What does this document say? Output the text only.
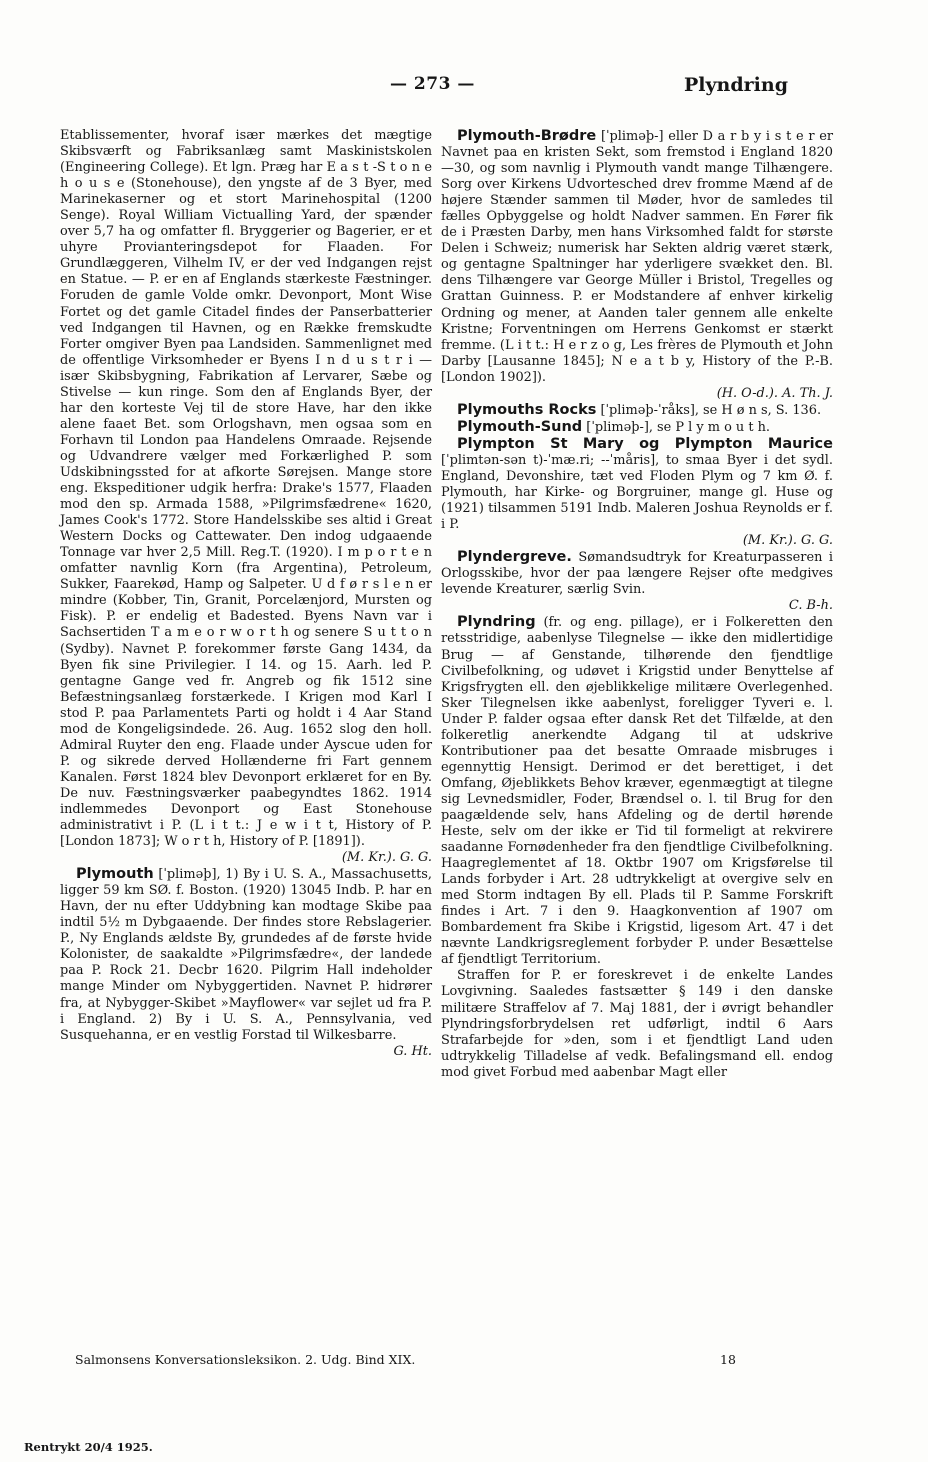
— 273 —	Plyndring

Etablissementer, hvoraf især mærkes det mægtige Skibsværft og Fabriksanlæg samt Maskinistskolen (Engineering College). Et lgn. Præg har E a s t -S t o n e h o u s e (Stonehouse), den yngste af de 3 Byer, med Marinekaserner og et stort Marinehospital (1200 Senge). Royal William Victualling Yard, der spænder over 5,7 ha og omfatter fl. Bryggerier og Bagerier, er et uhyre Provianteringsdepot for Flaaden. For Grundlæggeren, Vilhelm IV, er der ved Indgangen rejst en Statue. — P. er en af Englands stærkeste Fæstninger. Foruden de gamle Volde omkr. Devonport, Mont Wise Fortet og det gamle Citadel findes der Panserbatterier ved Indgangen til Havnen, og en Række fremskudte Forter omgiver Byen paa Landsiden. Sammenlignet med de offentlige Virksomheder er Byens I n d u s t r i — især Skibsbygning, Fabrikation af Lervarer, Sæbe og Stivelse — kun ringe. Som den af Englands Byer, der har den korteste Vej til de store Have, har den ikke alene faaet Bet. som Orlogshavn, men ogsaa som en Forhavn til London paa Handelens Omraade. Rejsende og Udvandrere vælger med Forkærlighed P. som Udskibningssted for at afkorte Sørejsen. Mange store eng. Ekspeditioner udgik herfra: Drake's 1577, Flaaden mod den sp. Armada 1588, »Pilgrimsfædrene« 1620, James Cook's 1772. Store Handelsskibe ses altid i Great Western Docks og Cattewater. Den indog udgaaende Tonnage var hver 2,5 Mill. Reg.T. (1920). I m p o r t e n omfatter navnlig Korn (fra Argentina), Petroleum, Sukker, Faarekød, Hamp og Salpeter. U d f ø r s l e n er mindre (Kobber, Tin, Granit, Porcelænjord, Mursten og Fisk). P. er endelig et Badested. Byens Navn var i Sachsertiden T a m e o r w o r t h og senere S u t t o n (Sydby). Navnet P. forekommer første Gang 1434, da Byen fik sine Privilegier. I 14. og 15. Aarh. led P. gentagne Gange ved fr. Angreb og fik 1512 sine Befæstningsanlæg forstærkede. I Krigen mod Karl I stod P. paa Parlamentets Parti og holdt i 4 Aar Stand mod de Kongeligsindede. 26. Aug. 1652 slog den holl. Admiral Ruyter den eng. Flaade under Ayscue uden for P. og sikrede derved Hollænderne fri Fart gennem Kanalen. Først 1824 blev Devonport erklæret for en By. De nuv. Fæstningsværker paabegyndtes 1862. 1914 indlemmedes Devonport og East Stonehouse administrativt i P. (L i t t.: J e w i t t, History of P. [London 1873]; W o r t h, History of P. [1891]).

(M. Kr.). G. G.

Plymouth [ˈplimǝþ], 1) By i U. S. A., Massachusetts, ligger 59 km SØ. f. Boston. (1920) 13045 Indb. P. har en Havn, der nu efter Uddybning kan modtage Skibe paa indtil 5½ m Dybgaaende. Der findes store Rebslagerier. P., Ny Englands ældste By, grundedes af de første hvide Kolonister, de saakaldte »Pilgrimsfædre«, der landede paa P. Rock 21. Decbr 1620. Pilgrim Hall indeholder mange Minder om Nybyggertiden. Navnet P. hidrører fra, at Nybygger-Skibet »Mayflower« var sejlet ud fra P. i England. 2) By i U. S. A., Pennsylvania, ved Susquehanna, er en vestlig Forstad til Wilkesbarre.

G. Ht.

Plymouth-Brødre [ˈplimǝþ-] eller D a r b y i s t e r er Navnet paa en kristen Sekt, som fremstod i England 1820—30, og som navnlig i Plymouth vandt mange Tilhængere. Sorg over Kirkens Udvortesched drev fromme Mænd af de højere Stænder sammen til Møder, hvor de samledes til fælles Opbyggelse og holdt Nadver sammen. En Fører fik de i Præsten Darby, men hans Virksomhed faldt for største Delen i Schweiz; numerisk har Sekten aldrig været stærk, og gentagne Spaltninger har yderligere svækket den. Bl. dens Tilhængere var George Müller i Bristol, Tregelles og Grattan Guinness. P. er Modstandere af enhver kirkelig Ordning og mener, at Aanden taler gennem alle enkelte Kristne; Forventningen om Herrens Genkomst er stærkt fremme. (L i t t.: H e r z o g, Les frères de Plymouth et John Darby [Lausanne 1845]; N e a t b y, History of the P.-B. [London 1902]).

(H. O-d.). A. Th. J.

Plymouths Rocks [ˈplimǝþ-ˈråks], se H ø n s, S. 136.

Plymouth-Sund [ˈplimǝþ-], se P l y m o u t h.

Plympton St Mary og Plympton Maurice [ˈplimtǝn-sǝn t)-ˈmæ.ri; --ˈmåris], to smaa Byer i det sydl. England, Devonshire, tæt ved Floden Plym og 7 km Ø. f. Plymouth, har Kirke- og Borgruiner, mange gl. Huse og (1921) tilsammen 5191 Indb. Maleren Joshua Reynolds er f. i P.

(M. Kr.). G. G.

Plyndergreve. Sømandsudtryk for Kreaturpasseren i Orlogsskibe, hvor der paa længere Rejser ofte medgives levende Kreaturer, særlig Svin.

C. B-h.

Plyndring (fr. og eng. pillage), er i Folkeretten den retsstridige, aabenlyse Tilegnelse — ikke den midlertidige Brug — af Genstande, tilhørende den fjendtlige Civilbefolkning, og udøvet i Krigstid under Benyttelse af Krigsfrygten ell. den øjeblikkelige militære Overlegenhed. Sker Tilegnelsen ikke aabenlyst, foreligger Tyveri e. l. Under P. falder ogsaa efter dansk Ret det Tilfælde, at den folkeretlig anerkendte Adgang til at udskrive Kontributioner paa det besatte Omraade misbruges i egennyttig Hensigt. Derimod er det berettiget, i det Omfang, Øjeblikkets Behov kræver, egenmægtigt at tilegne sig Levnedsmidler, Foder, Brændsel o. l. til Brug for den paagældende selv, hans Afdeling og de dertil hørende Heste, selv om der ikke er Tid til formeligt at rekvirere saadanne Fornødenheder fra den fjendtlige Civilbefolkning. Haagreglementet af 18. Oktbr 1907 om Krigsførelse til Lands forbyder i Art. 28 udtrykkeligt at overgive selv en med Storm indtagen By ell. Plads til P. Samme Forskrift findes i Art. 7 i den 9. Haagkonvention af 1907 om Bombardement fra Skibe i Krigstid, ligesom Art. 47 i det nævnte Landkrigsreglement forbyder P. under Besættelse af fjendtligt Territorium.

Straffen for P. er foreskrevet i de enkelte Landes Lovgivning. Saaledes fastsætter § 149 i den danske militære Straffelov af 7. Maj 1881, der i øvrigt behandler Plyndringsforbrydelsen ret udførligt, indtil 6 Aars Strafarbejde for »den, som i et fjendtligt Land uden udtrykkelig Tilladelse af vedk. Befalingsmand ell. endog mod givet Forbud med aabenbar Magt eller

Salmonsens Konversationsleksikon. 2. Udg. Bind XIX.	18
Rentrykt 20/4 1925.
